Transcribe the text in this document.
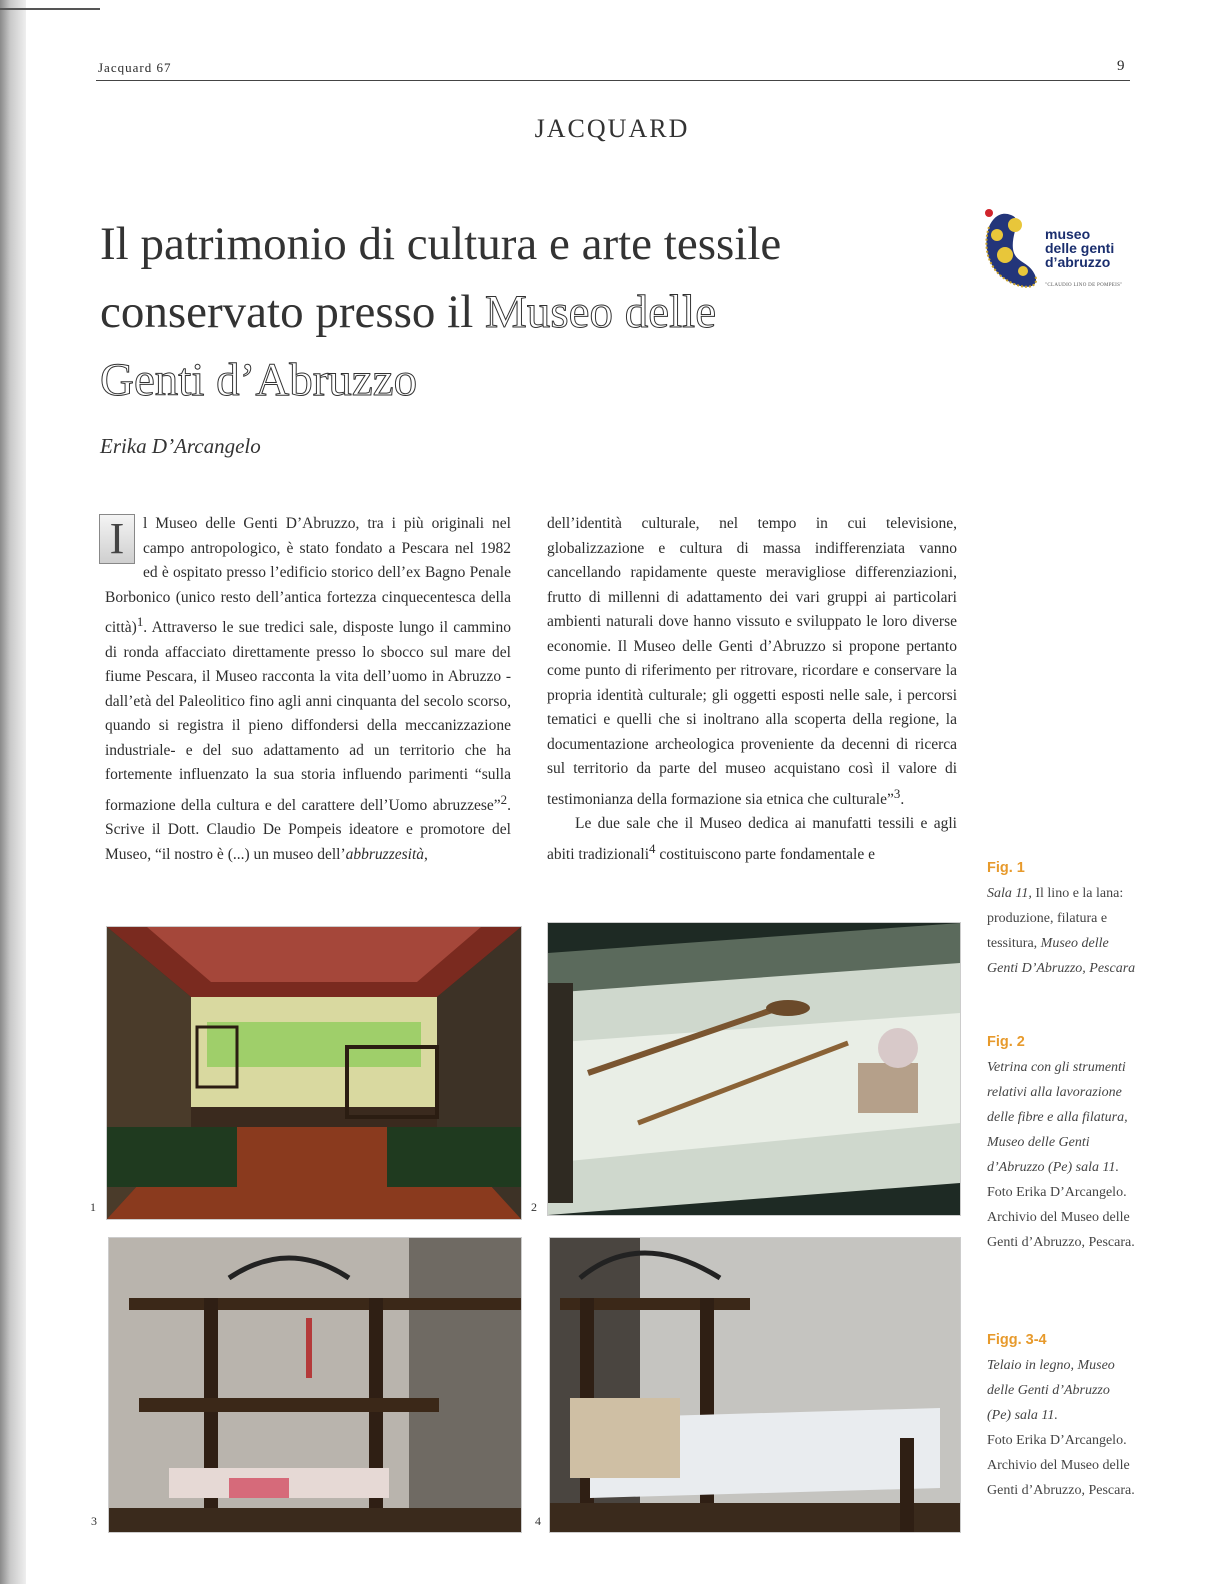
Jacquard 67	9
JACQUARD
Il patrimonio di cultura e arte tessile
conservato presso il Museo delle
Genti d’Abruzzo
Erika D’Arcangelo
museo
delle genti
d’abruzzo
"CLAUDIO LINO DE POMPEIS"

I	l Museo delle Genti D’Abruzzo, tra i più originali nel campo antropologico, è stato fondato a Pescara nel 1982 ed è ospitato presso l’edificio storico dell’ex Bagno Penale Borbonico (unico resto dell’antica fortezza cinquecentesca della città)$^1$. Attraverso le sue tredici sale, disposte lungo il cammino di ronda affacciato direttamente presso lo sbocco sul mare del fiume Pescara, il Museo racconta la vita dell’uomo in Abruzzo -dall’età del Paleolitico fino agli anni cinquanta del secolo scorso, quando si registra il pieno diffondersi della meccanizzazione industriale- e del suo adattamento ad un territorio che ha fortemente influenzato la sua storia influendo parimenti “sulla formazione della cultura e del carattere dell’Uomo abruzzese”$^2$. Scrive il Dott. Claudio De Pompeis ideatore e promotore del Museo, “il nostro è (...) un museo dell’abbruzzesità,

dell’identità culturale, nel tempo in cui televisione, globalizzazione e cultura di massa indifferenziata vanno cancellando rapidamente queste meravigliose differenziazioni, frutto di millenni di adattamento dei vari gruppi ai particolari ambienti naturali dove hanno vissuto e sviluppato le loro diverse economie. Il Museo delle Genti d’Abruzzo si propone pertanto come punto di riferimento per ritrovare, ricordare e conservare la propria identità culturale; gli oggetti esposti nelle sale, i percorsi tematici e quelli che si inoltrano alla scoperta della regione, la documentazione archeologica proveniente da decenni di ricerca sul territorio da parte del museo acquistano così il valore di testimonianza della formazione sia etnica che culturale”$^3$.

Le due sale che il Museo dedica ai manufatti tessili e agli abiti tradizionali$^4$ costituiscono parte fondamentale e

1	2
3	4
Fig. 1
Sala 11, Il lino e la lana: produzione, filatura e tessitura, Museo delle Genti D’Abruzzo, Pescara
Fig. 2
Vetrina con gli strumenti relativi alla lavorazione delle fibre e alla filatura, Museo delle Genti d’Abruzzo (Pe) sala 11.
Foto Erika D’Arcangelo. Archivio del Museo delle Genti d’Abruzzo, Pescara.
Figg. 3-4
Telaio in legno, Museo delle Genti d’Abruzzo (Pe) sala 11.
Foto Erika D’Arcangelo. Archivio del Museo delle Genti d’Abruzzo, Pescara.
